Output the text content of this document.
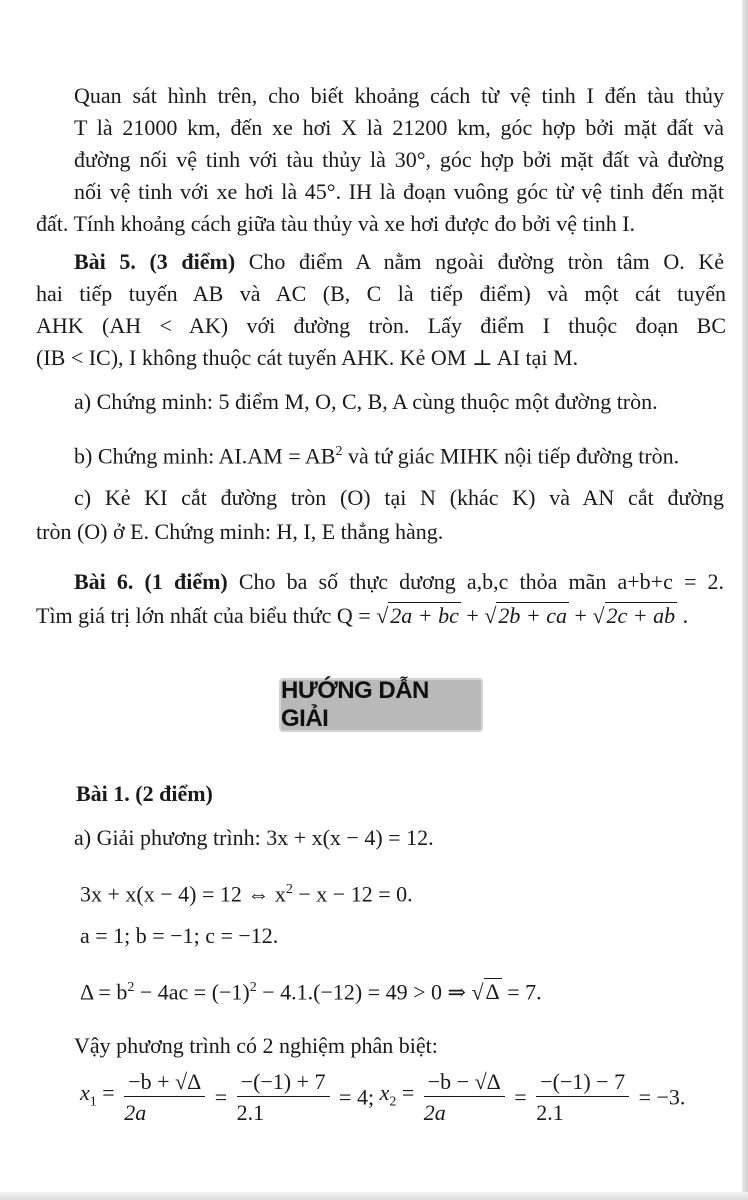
Quan sát hình trên, cho biết khoảng cách từ vệ tinh I đến tàu thủy

T là 21000 km, đến xe hơi X là 21200 km, góc hợp bởi mặt đất và

đường nối vệ tinh với tàu thủy là 30°, góc hợp bởi mặt đất và đường

nối vệ tinh với xe hơi là 45°. IH là đoạn vuông góc từ vệ tinh đến mặt

đất. Tính khoảng cách giữa tàu thủy và xe hơi được đo bởi vệ tinh I.

Bài 5. (3 điểm) Cho điểm A nằm ngoài đường tròn tâm O. Kẻ

hai tiếp tuyến AB và AC (B, C là tiếp điểm) và một cát tuyến

AHK (AH < AK) với đường tròn. Lấy điểm I thuộc đoạn BC

(IB < IC), I không thuộc cát tuyến AHK. Kẻ OM ⊥ AI tại M.

a) Chứng minh: 5 điểm M, O, C, B, A cùng thuộc một đường tròn.

b) Chứng minh: $AI.AM = AB^2$ và tứ giác MIHK nội tiếp đường tròn.

c) Kẻ KI cắt đường tròn (O) tại N (khác K) và AN cắt đường

tròn (O) ở E. Chứng minh: H, I, E thẳng hàng.

Bài 6. (1 điểm) Cho ba số thực dương a,b,c thỏa mãn a+b+c = 2.

Tìm giá trị lớn nhất của biểu thức Q = √2a + bc + √2b + ca + √2c + ab .

HƯỚNG DẪN GIẢI

Bài 1. (2 điểm)

a) Giải phương trình: 3x + x(x − 4) = 12.

3x + x(x − 4) = 12 ⇔ $x^2 - x - 12 = 0$.

a = 1; b = −1; c = −12.

$\Delta = b^2 - 4ac = (-1)^2 - 4.1.(-12) = 49 > 0$ ⇒ √Δ = 7.

Vậy phương trình có 2 nghiệm phân biệt:

$x_1 = \frac{-b + √\Delta}{2a} = \frac{-(-1) + 7}{2.1} = 4$; $x_2 = \frac{-b - √\Delta}{2a} = \frac{-(-1) - 7}{2.1} = -3$.
